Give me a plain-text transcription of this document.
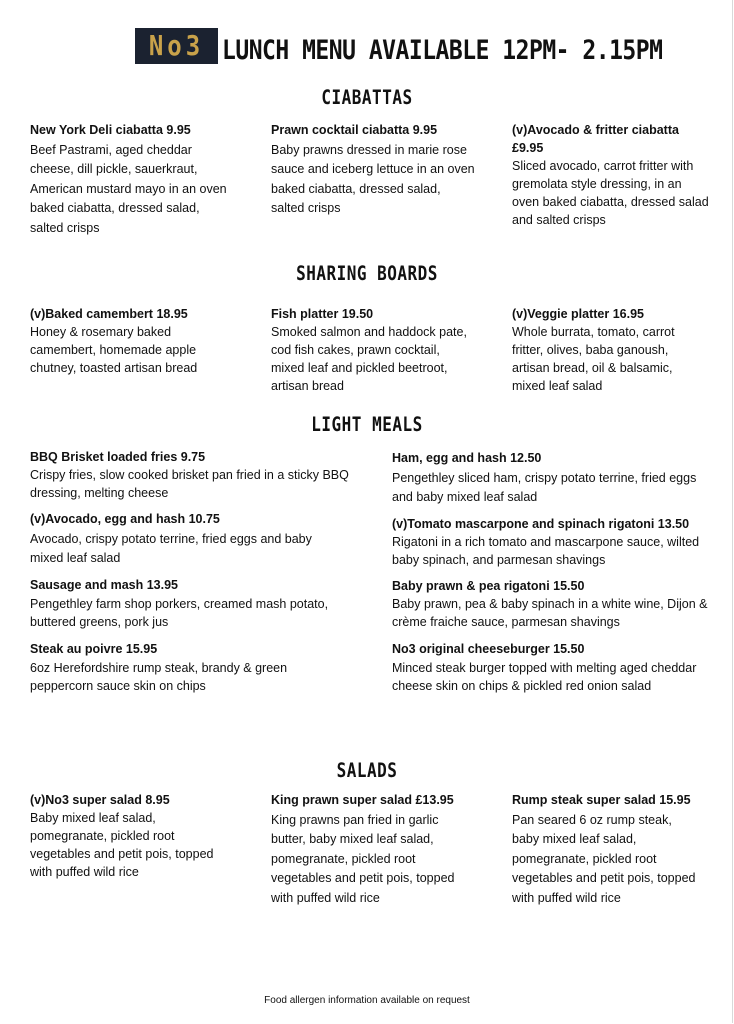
No3 LUNCH MENU AVAILABLE 12PM- 2.15PM
CIABATTAS
New York Deli ciabatta 9.95
Beef Pastrami, aged cheddar cheese, dill pickle, sauerkraut, American mustard mayo in an oven baked ciabatta, dressed salad, salted crisps
Prawn cocktail ciabatta 9.95
Baby prawns dressed in marie rose sauce and iceberg lettuce in an oven baked ciabatta, dressed salad, salted crisps
(v)Avocado & fritter ciabatta £9.95
Sliced avocado, carrot fritter with gremolata style dressing, in an oven baked ciabatta, dressed salad and salted crisps
SHARING BOARDS
(v)Baked camembert 18.95
Honey & rosemary baked camembert, homemade apple chutney, toasted artisan bread
Fish platter 19.50
Smoked salmon and haddock pate, cod fish cakes, prawn cocktail, mixed leaf and pickled beetroot, artisan bread
(v)Veggie platter 16.95
Whole burrata, tomato, carrot fritter, olives, baba ganoush, artisan bread, oil & balsamic, mixed leaf salad
LIGHT MEALS
BBQ Brisket loaded fries 9.75
Crispy fries, slow cooked brisket pan fried in a sticky BBQ dressing, melting cheese
(v)Avocado, egg and hash 10.75
Avocado, crispy potato terrine, fried eggs and baby mixed leaf salad
Sausage and mash 13.95
Pengethley farm shop porkers, creamed mash potato, buttered greens, pork jus
Steak au poivre 15.95
6oz Herefordshire rump steak, brandy & green peppercorn sauce skin on chips
Ham, egg and hash 12.50
Pengethley sliced ham, crispy potato terrine, fried eggs and baby mixed leaf salad
(v)Tomato mascarpone and spinach rigatoni 13.50
Rigatoni in a rich tomato and mascarpone sauce, wilted baby spinach, and parmesan shavings
Baby prawn & pea rigatoni 15.50
Baby prawn, pea & baby spinach in a white wine, Dijon & crème fraiche sauce, parmesan shavings
No3 original cheeseburger 15.50
Minced steak burger topped with melting aged cheddar cheese skin on chips & pickled red onion salad
SALADS
(v)No3 super salad 8.95
Baby mixed leaf salad, pomegranate, pickled root vegetables and petit pois, topped with puffed wild rice
King prawn super salad £13.95
King prawns pan fried in garlic butter, baby mixed leaf salad, pomegranate, pickled root vegetables and petit pois, topped with puffed wild rice
Rump steak super salad 15.95
Pan seared 6 oz rump steak, baby mixed leaf salad, pomegranate, pickled root vegetables and petit pois, topped with puffed wild rice
Food allergen information available on request
